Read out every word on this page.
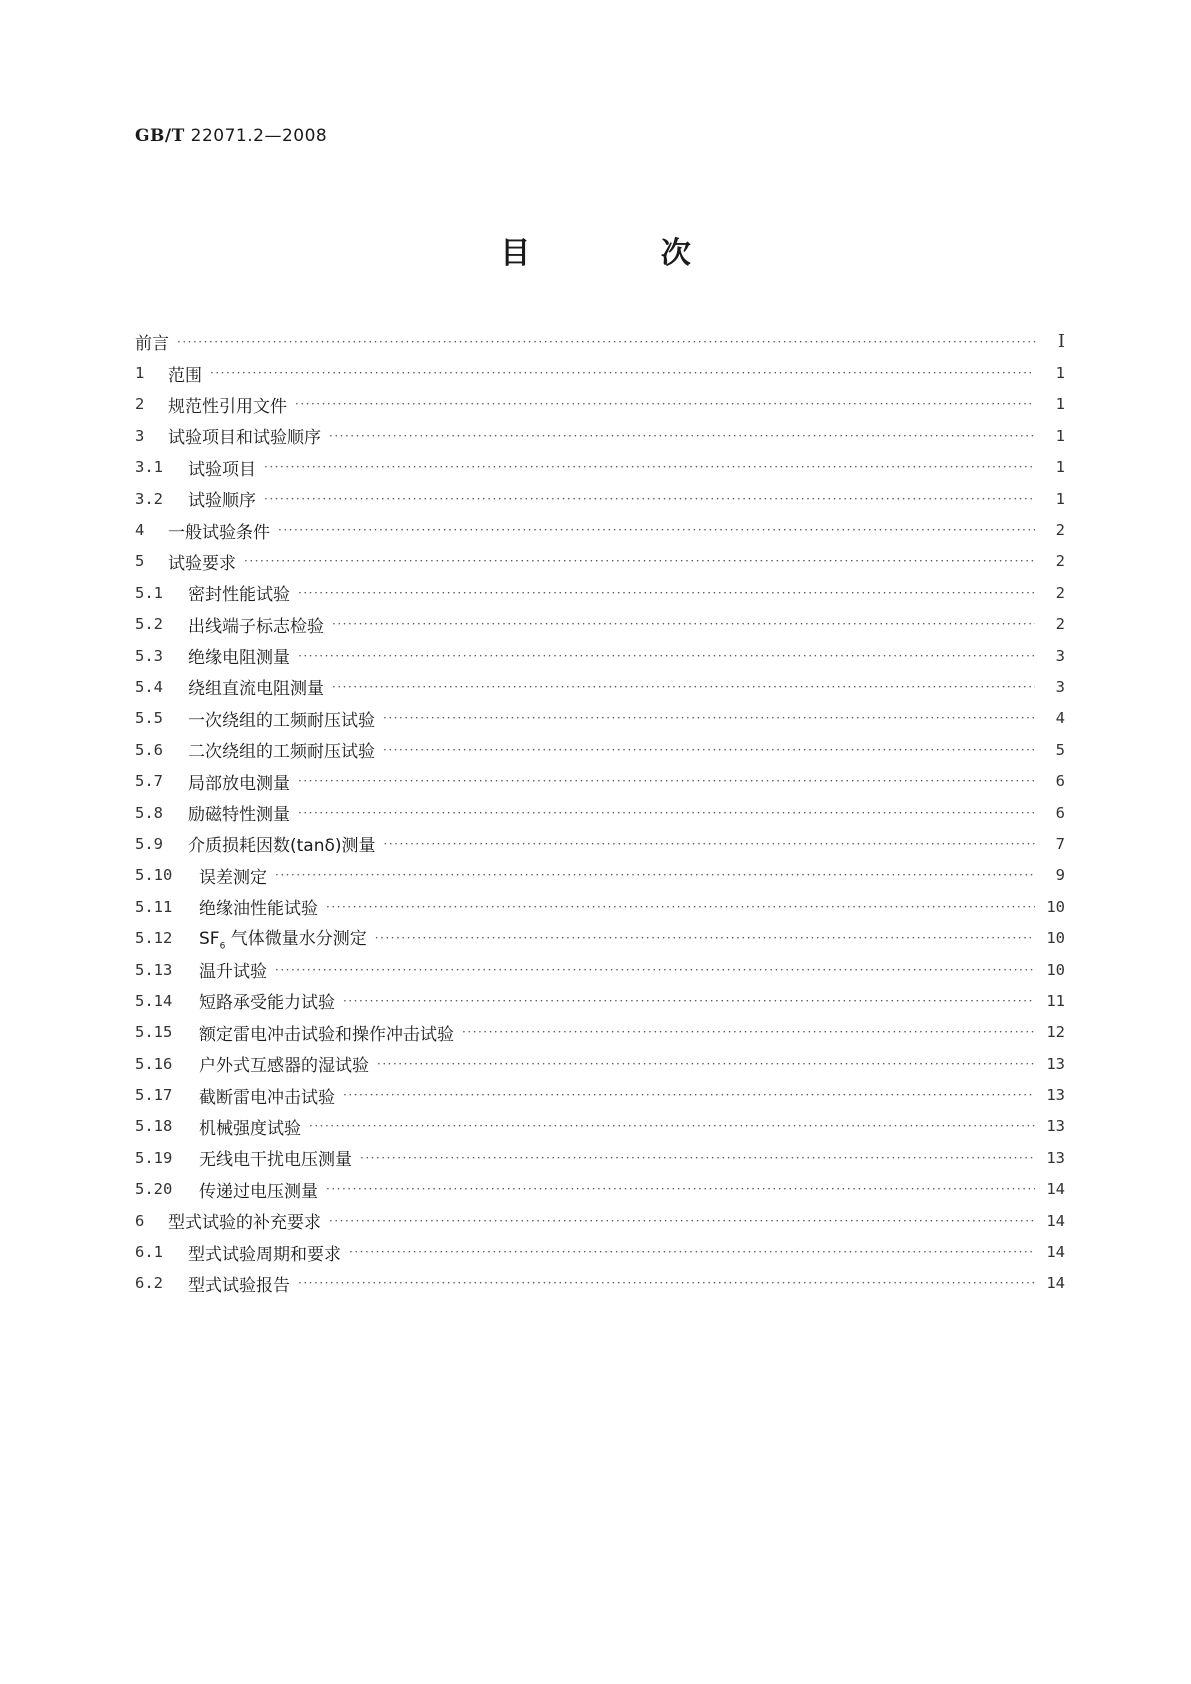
GB/T 22071.2—2008
目 次
前言 ·····	Ⅰ
1	范围 ·····	1
2	规范性引用文件 ·····	1
3	试验项目和试验顺序 ·····	1
3.1	试验项目 ·····	1
3.2	试验顺序 ·····	1
4	一般试验条件 ·····	2
5	试验要求 ·····	2
5.1	密封性能试验 ·····	2
5.2	出线端子标志检验 ·····	2
5.3	绝缘电阻测量 ·····	3
5.4	绕组直流电阻测量 ·····	3
5.5	一次绕组的工频耐压试验 ·····	4
5.6	二次绕组的工频耐压试验 ·····	5
5.7	局部放电测量 ·····	6
5.8	励磁特性测量 ·····	6
5.9	介质损耗因数(tanδ)测量 ·····	7
5.10	误差测定 ·····	9
5.11	绝缘油性能试验 ·····	10
5.12	$SF_6$ 气体微量水分测定 ·····	10
5.13	温升试验 ·····	10
5.14	短路承受能力试验 ·····	11
5.15	额定雷电冲击试验和操作冲击试验 ·····	12
5.16	户外式互感器的湿试验 ·····	13
5.17	截断雷电冲击试验 ·····	13
5.18	机械强度试验 ·····	13
5.19	无线电干扰电压测量 ·····	13
5.20	传递过电压测量 ·····	14
6	型式试验的补充要求 ·····	14
6.1	型式试验周期和要求 ·····	14
6.2	型式试验报告 ·····	14
